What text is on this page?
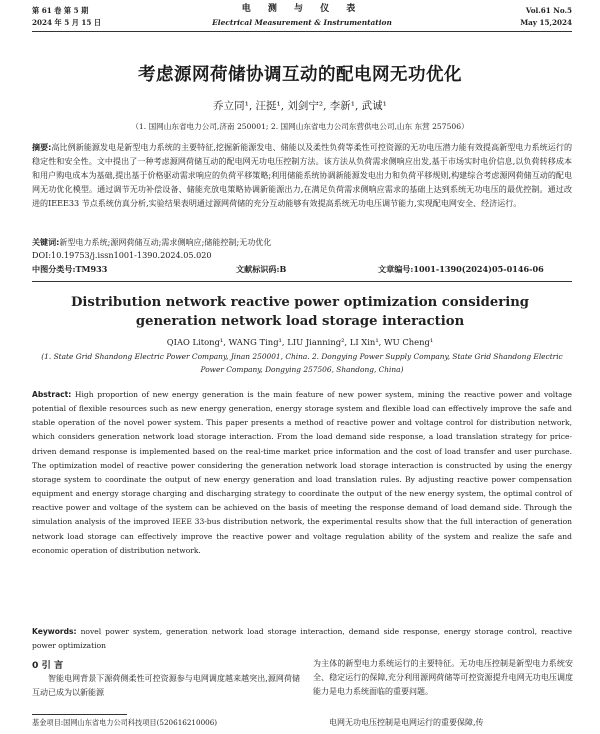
第 61 卷 第 5 期	电 测 与 仪 表	Vol.61 No.5
2024 年 5 月 15 日	Electrical Measurement & Instrumentation	May 15,2024
考虑源网荷储协调互动的配电网无功优化
乔立同¹, 汪挺¹, 刘剑宁², 李新¹, 武诚¹
（1. 国网山东省电力公司,济南 250001; 2. 国网山东省电力公司东营供电公司,山东 东营 257506）

摘要:高比例新能源发电是新型电力系统的主要特征,挖掘新能源发电、储能以及柔性负荷等柔性可控资源的无功电压潜力能有效提高新型电力系统运行的稳定性和安全性。文中提出了一种考虑源网荷储互动的配电网无功电压控制方法。该方法从负荷需求侧响应出发,基于市场实时电价信息,以负荷转移成本和用户购电成本为基础,提出基于价格驱动需求响应的负荷平移策略;利用储能系统协调新能源发电出力和负荷平移规则,构建综合考虑源网荷储互动的配电网无功优化模型。通过调节无功补偿设备、储能充放电策略协调新能源出力,在满足负荷需求侧响应需求的基础上达到系统无功电压的最优控制。通过改进的IEEE33 节点系统仿真分析,实验结果表明通过源网荷储的充分互动能够有效提高系统无功电压调节能力,实现配电网安全、经济运行。

关键词:新型电力系统;源网荷储互动;需求侧响应;储能控制;无功优化

DOI:10.19753/j.issn1001-1390.2024.05.020
中图分类号:TM933	文献标识码:B	文章编号:1001-1390(2024)05-0146-06
Distribution network reactive power optimization considering
generation network load storage interaction
QIAO Litong¹, WANG Ting¹, LIU Jianning², LI Xin¹, WU Cheng¹
(1. State Grid Shandong Electric Power Company, Jinan 250001, China. 2. Dongying Power Supply Company, State Grid Shandong Electric Power Company, Dongying 257506, Shandong, China)

Abstract: High proportion of new energy generation is the main feature of new power system, mining the reactive power and voltage potential of flexible resources such as new energy generation, energy storage system and flexible load can effectively improve the safe and stable operation of the novel power system. This paper presents a method of reactive power and voltage control for distribution network, which considers generation network load storage interaction. From the load demand side response, a load translation strategy for price-driven demand response is implemented based on the real-time market price information and the cost of load transfer and user purchase. The optimization model of reactive power considering the generation network load storage interaction is constructed by using the energy storage system to coordinate the output of new energy generation and load translation rules. By adjusting reactive power compensation equipment and energy storage charging and discharging strategy to coordinate the output of the new energy system, the optimal control of reactive power and voltage of the system can be achieved on the basis of meeting the response demand of load demand side. Through the simulation analysis of the improved IEEE 33-bus distribution network, the experimental results show that the full interaction of generation network load storage can effectively improve the reactive power and voltage regulation ability of the system and realize the safe and economic operation of distribution network.

Keywords: novel power system, generation network load storage interaction, demand side response, energy storage control, reactive power optimization

0 引 言

智能电网背景下源荷侧柔性可控资源参与电网调度越来越突出,源网荷储互动已成为以新能源

为主体的新型电力系统运行的主要特征。无功电压控制是新型电力系统安全、稳定运行的保障,充分利用源网荷储等可控资源提升电网无功电压调度能力是电力系统面临的重要问题。

电网无功电压控制是电网运行的重要保障,传

基金项目:国网山东省电力公司科技项目(520616210006)
